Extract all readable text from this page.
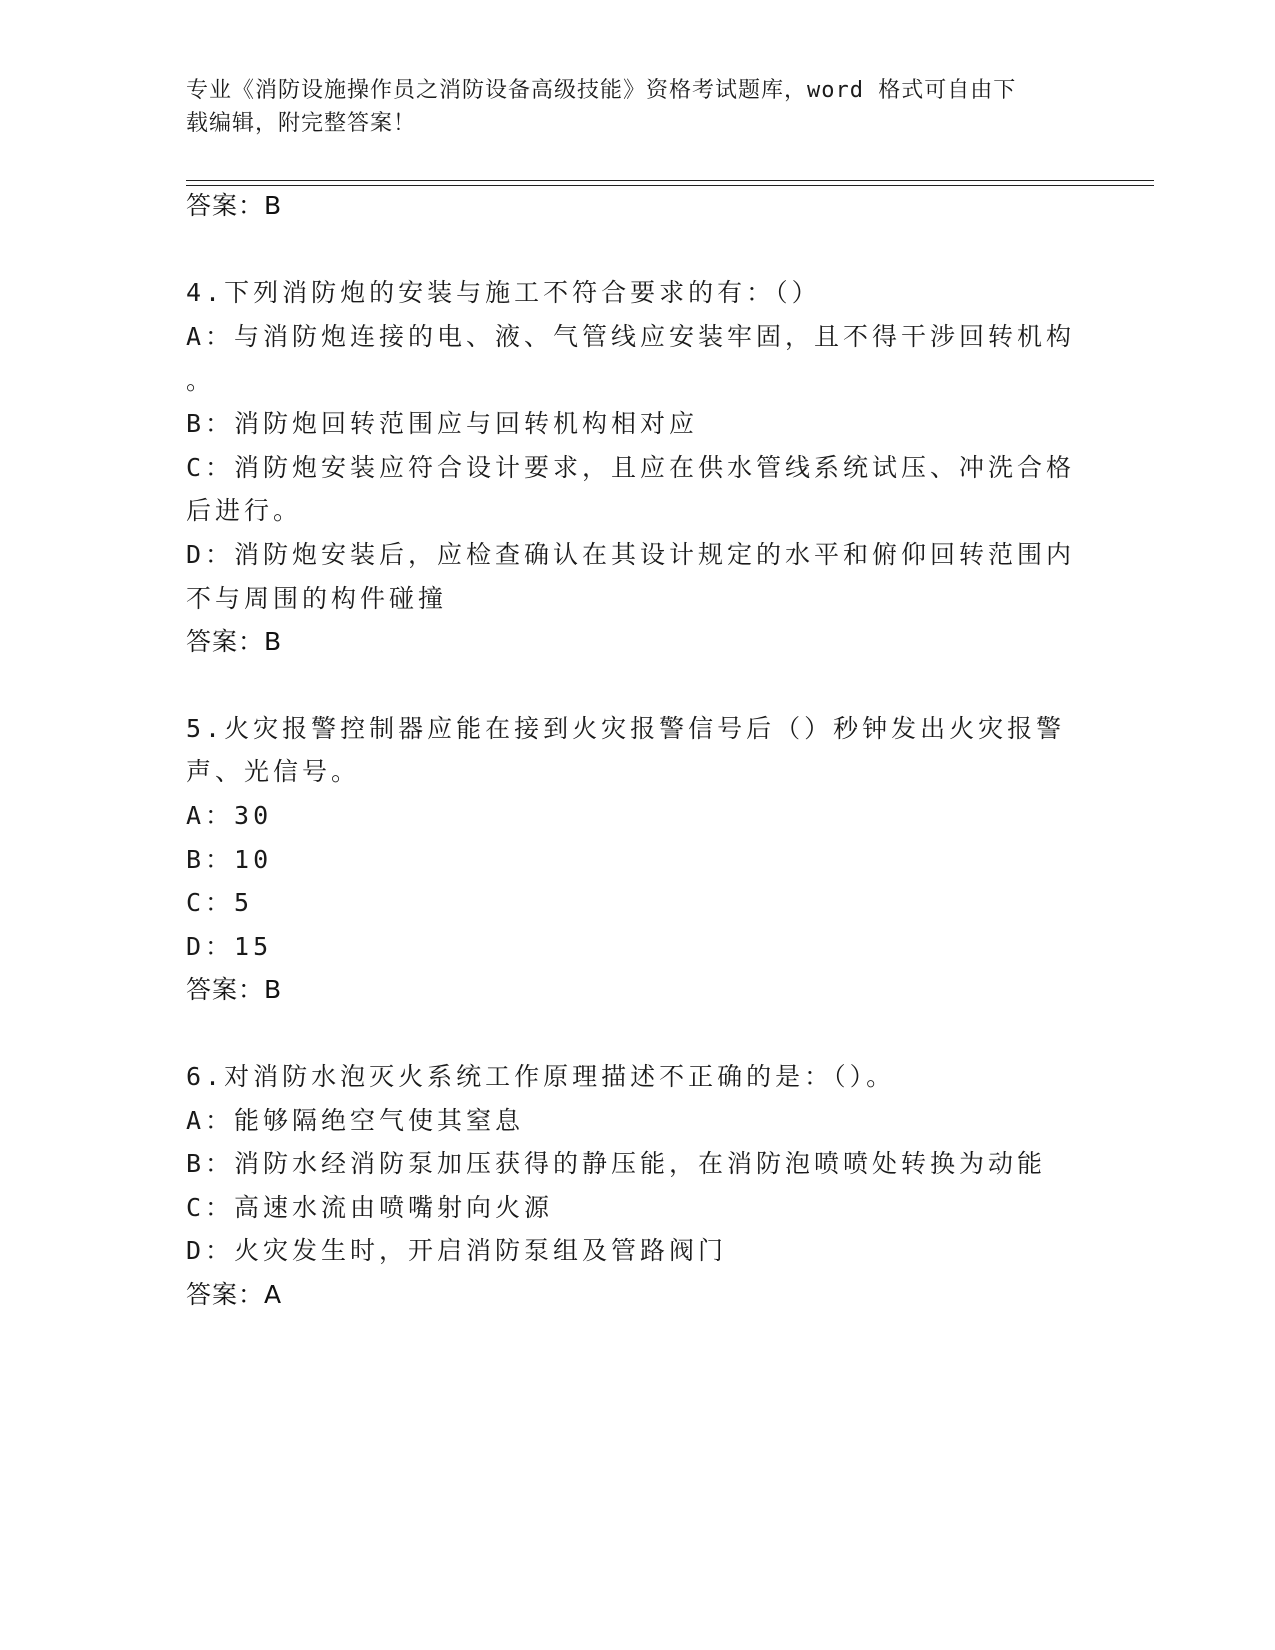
专业《消防设施操作员之消防设备高级技能》资格考试题库，word 格式可自由下
载编辑，附完整答案！
答案：B
4.下列消防炮的安装与施工不符合要求的有：（）
A：与消防炮连接的电、液、气管线应安装牢固，且不得干涉回转机构
。
B：消防炮回转范围应与回转机构相对应
C：消防炮安装应符合设计要求，且应在供水管线系统试压、冲洗合格
后进行。
D：消防炮安装后，应检查确认在其设计规定的水平和俯仰回转范围内
不与周围的构件碰撞
答案：B
5.火灾报警控制器应能在接到火灾报警信号后（）秒钟发出火灾报警
声、光信号。
A：30
B：10
C：5
D：15
答案：B
6.对消防水泡灭火系统工作原理描述不正确的是：（）。
A：能够隔绝空气使其窒息
B：消防水经消防泵加压获得的静压能，在消防泡喷喷处转换为动能
C：高速水流由喷嘴射向火源
D：火灾发生时，开启消防泵组及管路阀门
答案：A
